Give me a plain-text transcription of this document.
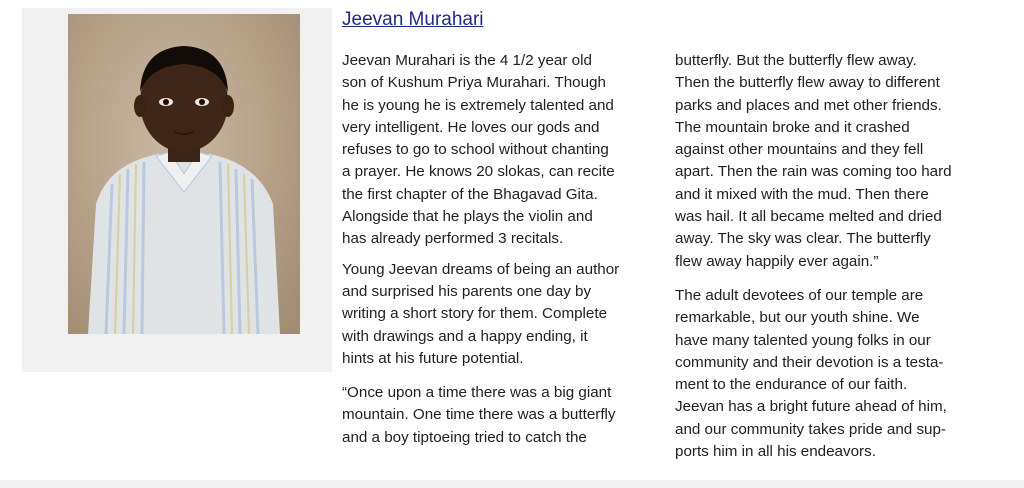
Jeevan Murahari

Jeevan Murahari is the 4 1/2 year old
son of Kushum Priya Murahari. Though
he is young he is extremely talented and
very intelligent. He loves our gods and
refuses to go to school without chanting
a prayer. He knows 20 slokas, can recite
the first chapter of the Bhagavad Gita.
Alongside that he plays the violin and
has already performed 3 recitals.

Young Jeevan dreams of being an author
and surprised his parents one day by
writing a short story for them. Complete
with drawings and a happy ending, it
hints at his future potential.

“Once upon a time there was a big giant
mountain. One time there was a butterfly
and a boy tiptoeing tried to catch the

butterfly. But the butterfly flew away.
Then the butterfly flew away to different
parks and places and met other friends.
The mountain broke and it crashed
against other mountains and they fell
apart. Then the rain was coming too hard
and it mixed with the mud. Then there
was hail. It all became melted and dried
away. The sky was clear. The butterfly
flew away happily ever again.”

The adult devotees of our temple are
remarkable, but our youth shine. We
have many talented young folks in our
community and their devotion is a testa-
ment to the endurance of our faith.
Jeevan has a bright future ahead of him,
and our community takes pride and sup-
ports him in all his endeavors.
